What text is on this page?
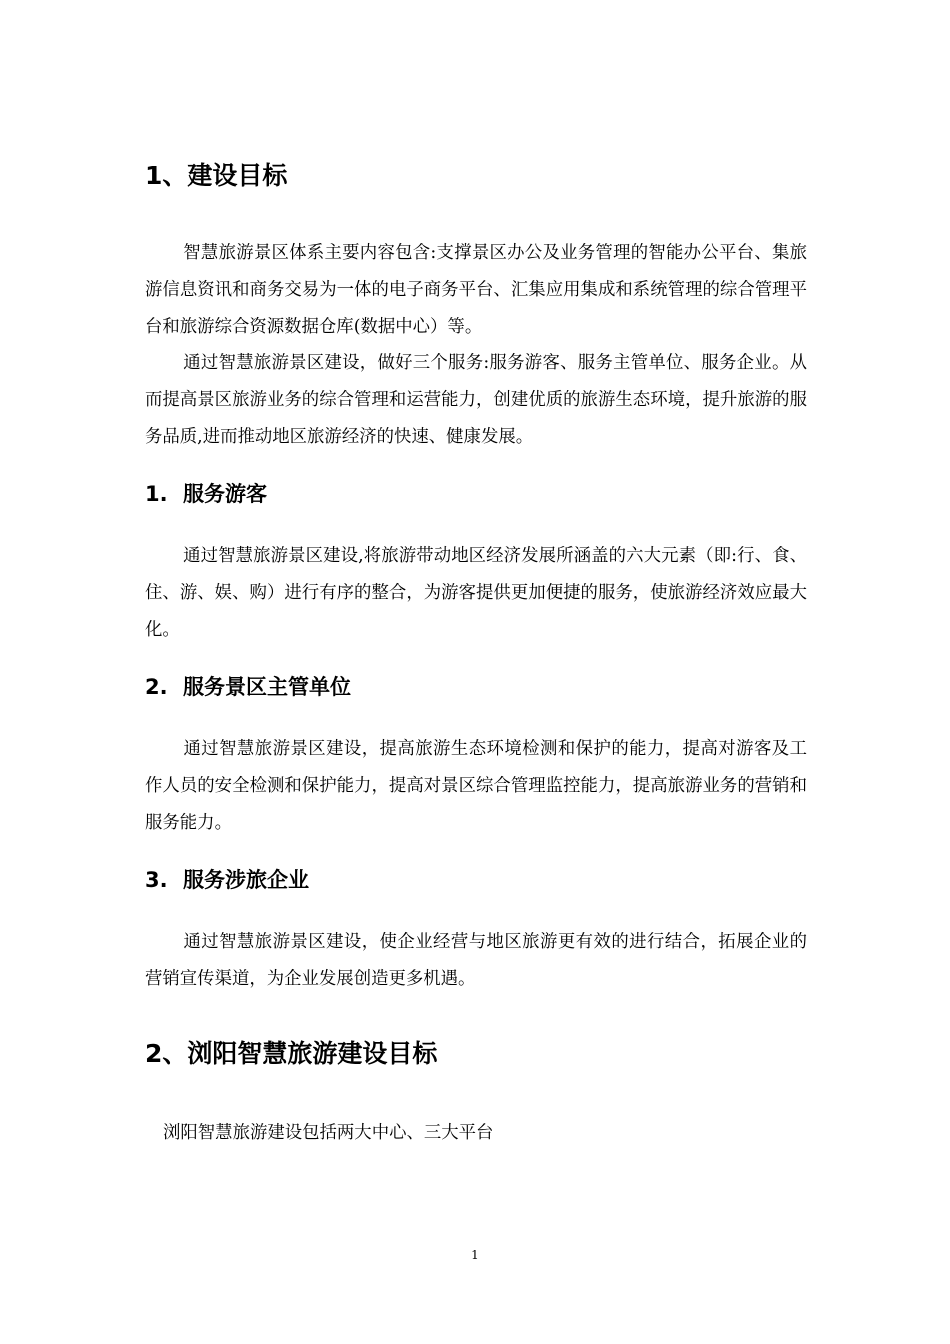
1、建设目标

智慧旅游景区体系主要内容包含:支撑景区办公及业务管理的智能办公平台、集旅游信息资讯和商务交易为一体的电子商务平台、汇集应用集成和系统管理的综合管理平台和旅游综合资源数据仓库(数据中心）等。

通过智慧旅游景区建设，做好三个服务:服务游客、服务主管单位、服务企业。从而提高景区旅游业务的综合管理和运营能力，创建优质的旅游生态环境，提升旅游的服务品质,进而推动地区旅游经济的快速、健康发展。

1. 服务游客

通过智慧旅游景区建设,将旅游带动地区经济发展所涵盖的六大元素（即:行、食、住、游、娱、购）进行有序的整合，为游客提供更加便捷的服务，使旅游经济效应最大化。

2. 服务景区主管单位

通过智慧旅游景区建设，提高旅游生态环境检测和保护的能力，提高对游客及工作人员的安全检测和保护能力，提高对景区综合管理监控能力，提高旅游业务的营销和服务能力。

3. 服务涉旅企业

通过智慧旅游景区建设，使企业经营与地区旅游更有效的进行结合，拓展企业的营销宣传渠道，为企业发展创造更多机遇。

2、浏阳智慧旅游建设目标

浏阳智慧旅游建设包括两大中心、三大平台

1
